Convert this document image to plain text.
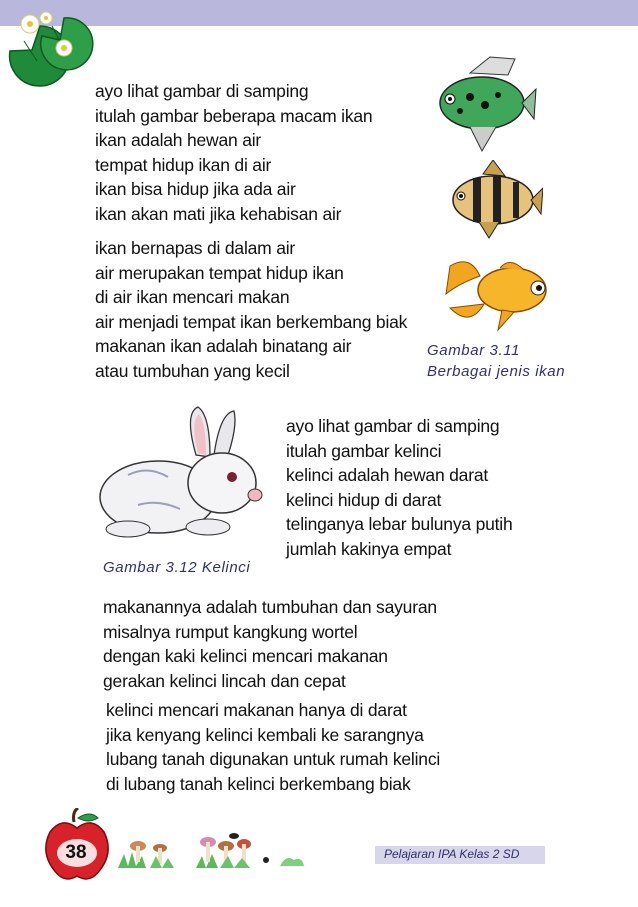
ayo lihat gambar di samping
itulah gambar beberapa macam ikan
ikan adalah hewan air
tempat hidup ikan di air
ikan bisa hidup jika ada air
ikan akan mati jika kehabisan air
ikan bernapas di dalam air
air merupakan tempat hidup ikan
di air ikan mencari makan
air menjadi tempat ikan berkembang biak
makanan ikan adalah binatang air
atau tumbuhan yang kecil
Gambar 3.11
Berbagai jenis ikan
ayo lihat gambar di samping
itulah gambar kelinci
kelinci adalah hewan darat
kelinci hidup di darat
telinganya lebar bulunya putih
jumlah kakinya empat
Gambar 3.12 Kelinci
makanannya adalah tumbuhan dan sayuran
misalnya rumput kangkung wortel
dengan kaki kelinci mencari makanan
gerakan kelinci lincah dan cepat
kelinci mencari makanan hanya di darat
jika kenyang kelinci kembali ke sarangnya
lubang tanah digunakan untuk rumah kelinci
di lubang tanah kelinci berkembang biak
38	Pelajaran IPA Kelas 2 SD
